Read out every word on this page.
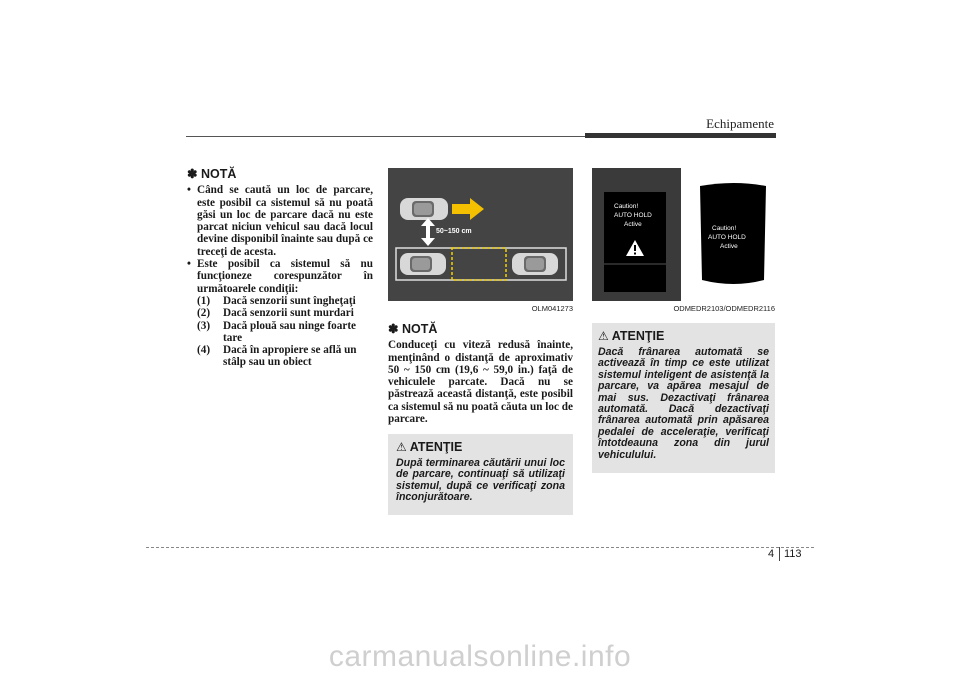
Echipamente
✽ NOTĂ
• Când se caută un loc de parcare, este posibil ca sistemul să nu poată găsi un loc de parcare dacă nu este parcat niciun vehicul sau dacă locul devine disponibil înainte sau după ce treceţi de acesta.
• Este posibil ca sistemul să nu funcţioneze corespunzător în următoarele condiţii:
(1) Dacă senzorii sunt îngheţaţi
(2) Dacă senzorii sunt murdari
(3) Dacă plouă sau ninge foarte tare
(4) Dacă în apropiere se află un stâlp sau un obiect
50~150 cm
OLM041273
✽ NOTĂ
Conduceţi cu viteză redusă înainte, menţinând o distanţă de aproximativ 50 ~ 150 cm (19,6 ~ 59,0 in.) faţă de vehiculele parcate. Dacă nu se păstrează această distanţă, este posibil ca sistemul să nu poată căuta un loc de parcare.
⚠ ATENŢIE
După terminarea căutării unui loc de parcare, continuaţi să utilizaţi sistemul, după ce verificaţi zona înconjurătoare.
Caution!
AUTO HOLD
Active
Caution!
AUTO HOLD
Active
ODMEDR2103/ODMEDR2116
⚠ ATENŢIE
Dacă frânarea automată se activează în timp ce este utilizat sistemul inteligent de asistenţă la parcare, va apărea mesajul de mai sus. Dezactivaţi frânarea automată. Dacă dezactivaţi frânarea automată prin apăsarea pedalei de acceleraţie, verificaţi întotdeauna zona din jurul vehiculului.
4 113
carmanualsonline.info
